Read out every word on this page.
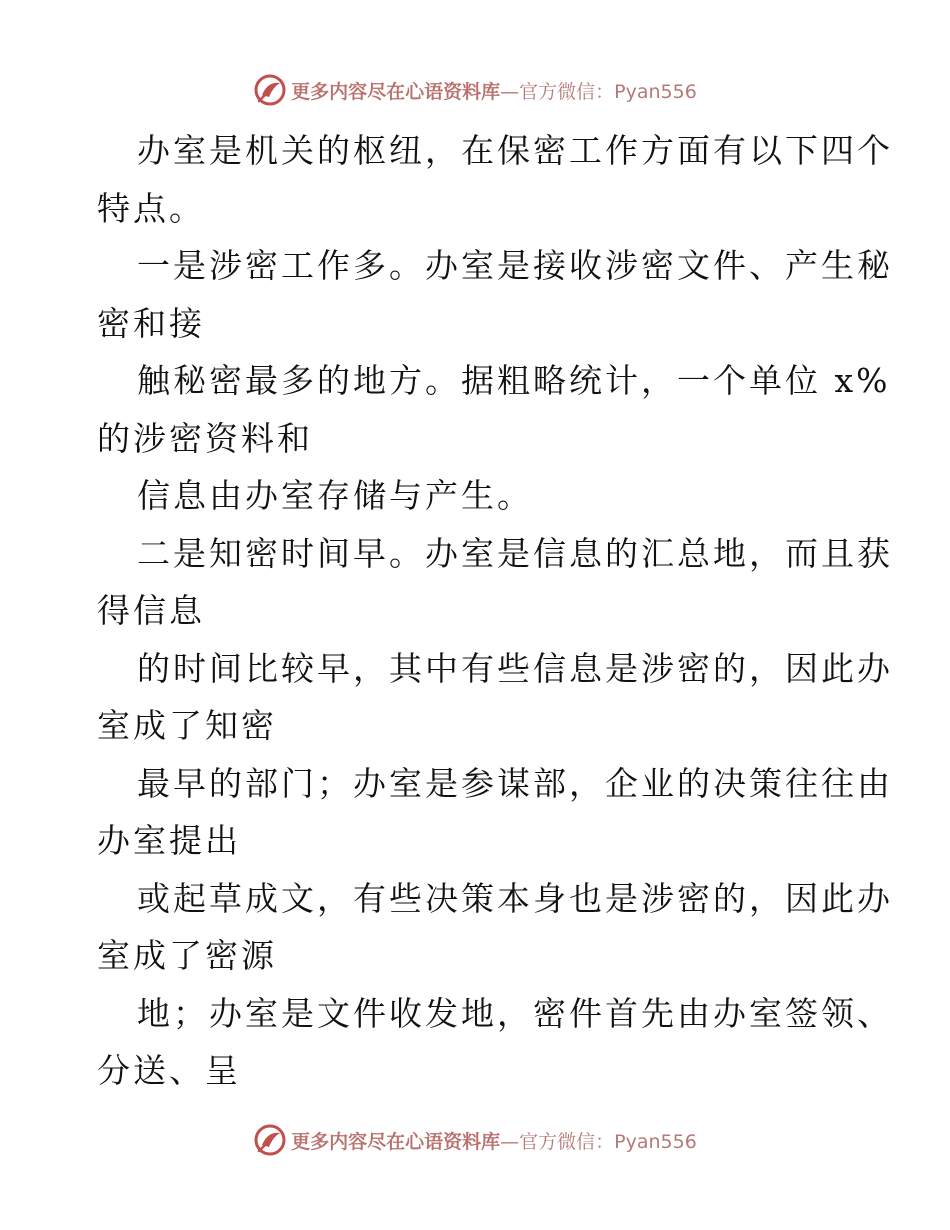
更多内容尽在心语资料库—官方微信：Pyan556
办室是机关的枢纽，在保密工作方面有以下四个
特点。
一是涉密工作多。办室是接收涉密文件、产生秘
密和接
触秘密最多的地方。据粗略统计，一个单位 x%
的涉密资料和
信息由办室存储与产生。
二是知密时间早。办室是信息的汇总地，而且获
得信息
的时间比较早，其中有些信息是涉密的，因此办
室成了知密
最早的部门；办室是参谋部，企业的决策往往由
办室提出
或起草成文，有些决策本身也是涉密的，因此办
室成了密源
地；办室是文件收发地，密件首先由办室签领、
分送、呈
更多内容尽在心语资料库—官方微信：Pyan556
